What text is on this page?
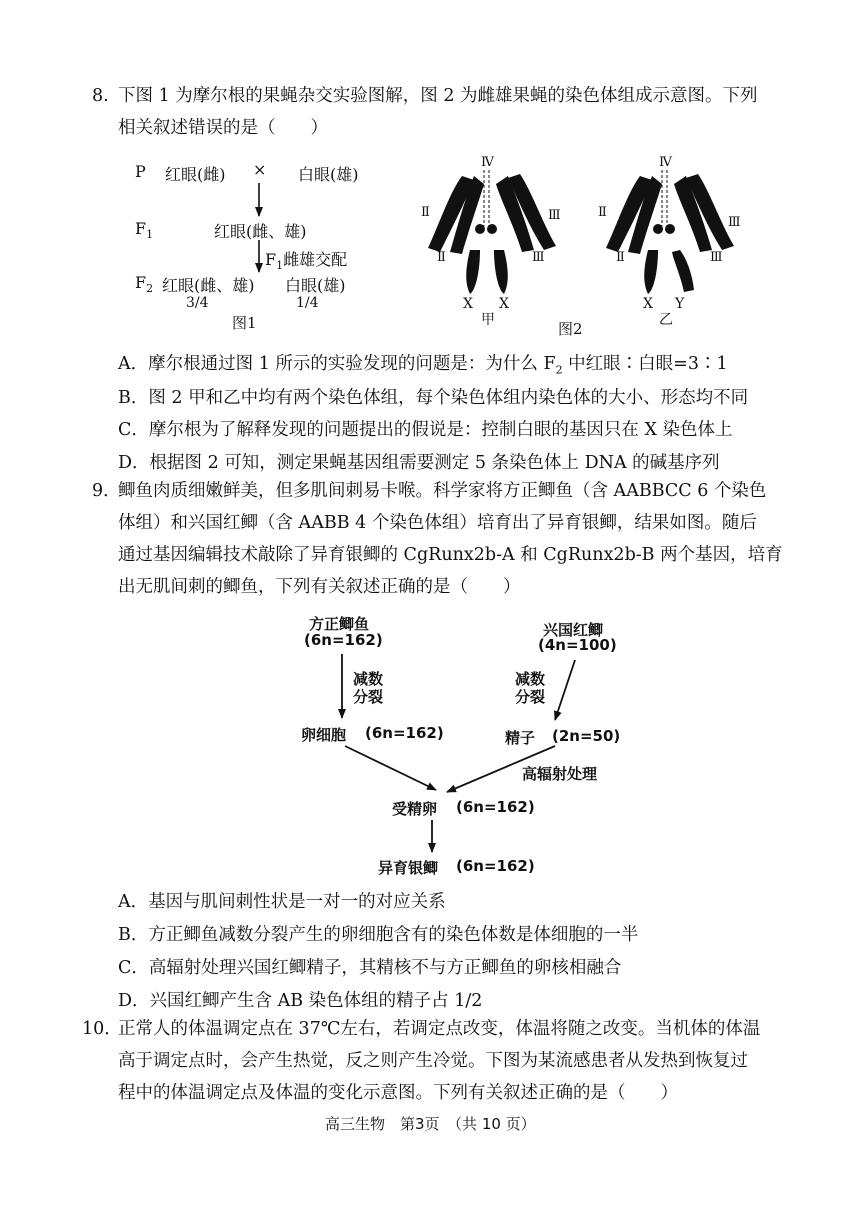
8. 下图 1 为摩尔根的果蝇杂交实验图解，图 2 为雌雄果蝇的染色体组成示意图。下列
相关叙述错误的是（　　）
P 红眼(雌) × 白眼(雄)
$F_1$	红眼(雌、雄)
$F_1$雌雄交配
$F_2$ 红眼(雌、雄) 白眼(雄)
3/4	1/4
图1
Ⅳ
Ⅱ	Ⅲ
Ⅱ	Ⅲ
X X
甲
Ⅳ
Ⅱ
Ⅲ
Ⅱ	Ⅲ
X Y
乙
图2
A．摩尔根通过图 1 所示的实验发现的问题是：为什么 $F_2$ 中红眼∶白眼=3∶1
B．图 2 甲和乙中均有两个染色体组，每个染色体组内染色体的大小、形态均不同
C．摩尔根为了解释发现的问题提出的假说是：控制白眼的基因只在 X 染色体上
D．根据图 2 可知，测定果蝇基因组需要测定 5 条染色体上 DNA 的碱基序列
9．
鲫鱼肉质细嫩鲜美，但多肌间刺易卡喉。科学家将方正鲫鱼（含 AABBCC 6 个染色
体组）和兴国红鲫（含 AABB 4 个染色体组）培育出了异育银鲫，结果如图。随后
通过基因编辑技术敲除了异育银鲫的 CgRunx2b-A 和 CgRunx2b-B 两个基因，培育
出无肌间刺的鲫鱼，下列有关叙述正确的是（　　）
方正鲫鱼
(6n=162)
兴国红鲫
(4n=100)
减数
分裂
减数
分裂
卵细胞 (6n=162)	精子 (2n=50)
高辐射处理
受精卵 (6n=162)
异育银鲫 (6n=162)
A．基因与肌间刺性状是一对一的对应关系
B．方正鲫鱼减数分裂产生的卵细胞含有的染色体数是体细胞的一半
C．高辐射处理兴国红鲫精子，其精核不与方正鲫鱼的卵核相融合
D．兴国红鲫产生含 AB 染色体组的精子占 1/2
10．
正常人的体温调定点在 37℃左右，若调定点改变，体温将随之改变。当机体的体温
高于调定点时，会产生热觉，反之则产生冷觉。下图为某流感患者从发热到恢复过
程中的体温调定点及体温的变化示意图。下列有关叙述正确的是（　　）
高三生物　第3页　（共 10 页）
